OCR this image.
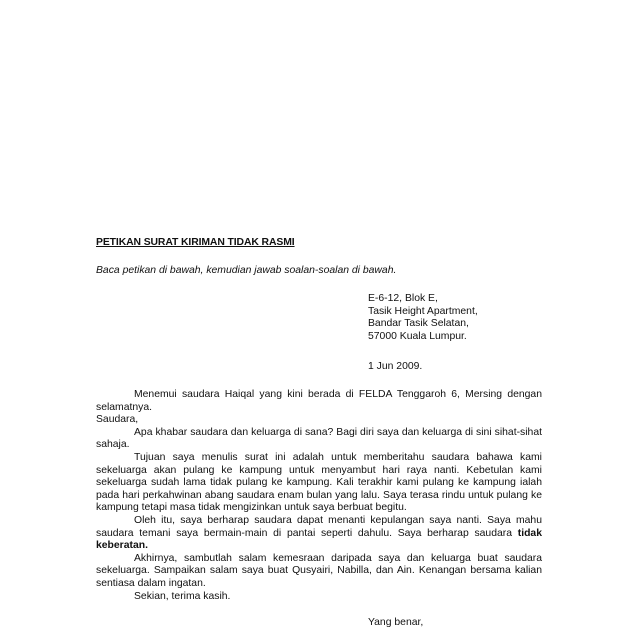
PETIKAN SURAT KIRIMAN TIDAK RASMI
Baca petikan di bawah, kemudian jawab soalan-soalan di bawah.
E-6-12, Blok E,
Tasik Height Apartment,
Bandar Tasik Selatan,
57000 Kuala Lumpur.
1 Jun 2009.

Menemui saudara Haiqal yang kini berada di FELDA Tenggaroh 6, Mersing dengan selamatnya.

Saudara,

Apa khabar saudara dan keluarga di sana? Bagi diri saya dan keluarga di sini sihat-sihat sahaja.

Tujuan saya menulis surat ini adalah untuk memberitahu saudara bahawa kami sekeluarga akan pulang ke kampung untuk menyambut hari raya nanti. Kebetulan kami sekeluarga sudah lama tidak pulang ke kampung. Kali terakhir kami pulang ke kampung ialah pada hari perkahwinan abang saudara enam bulan yang lalu. Saya terasa rindu untuk pulang ke kampung tetapi masa tidak mengizinkan untuk saya berbuat begitu.

Oleh itu, saya berharap saudara dapat menanti kepulangan saya nanti. Saya mahu saudara temani saya bermain-main di pantai seperti dahulu. Saya berharap saudara tidak keberatan.

Akhirnya, sambutlah salam kemesraan daripada saya dan keluarga buat saudara sekeluarga. Sampaikan salam saya buat Qusyairi, Nabilla, dan Ain. Kenangan bersama kalian sentiasa dalam ingatan.

Sekian, terima kasih.

Yang benar,
